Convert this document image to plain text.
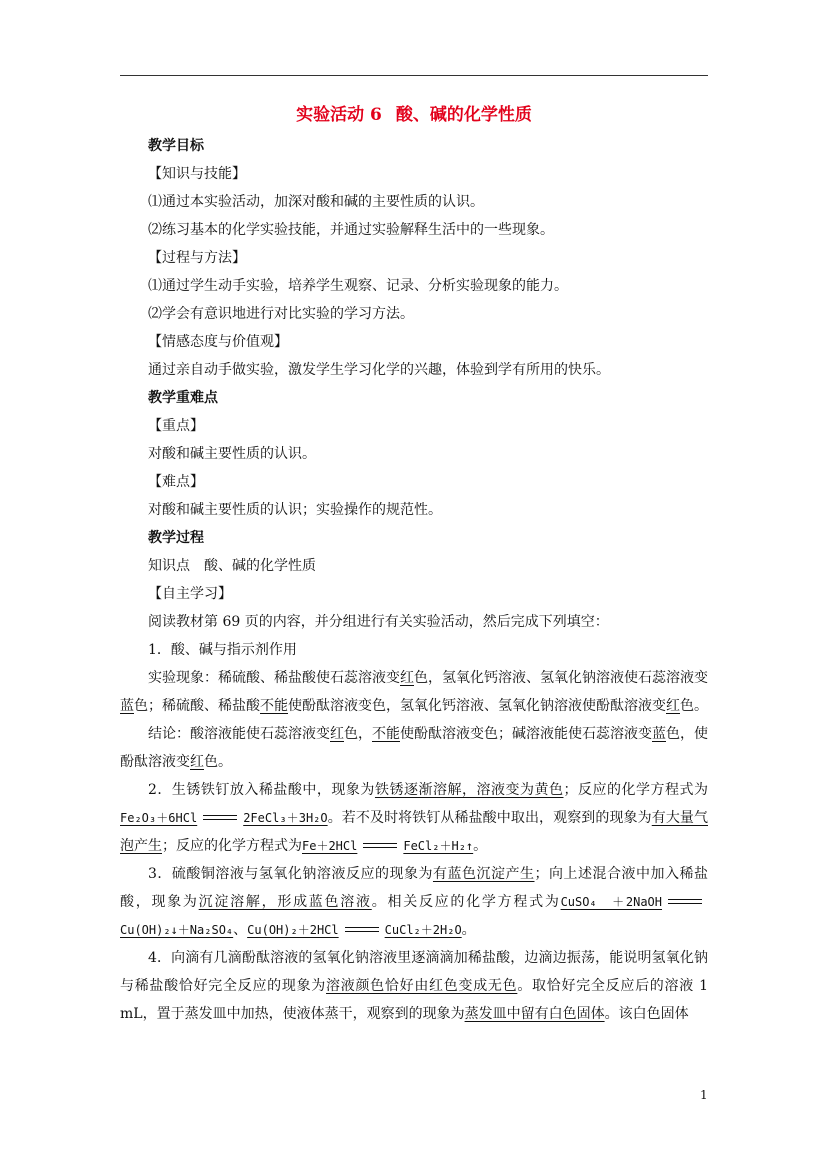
实验活动 6 酸、碱的化学性质

教学目标

【知识与技能】

⑴通过本实验活动，加深对酸和碱的主要性质的认识。

⑵练习基本的化学实验技能，并通过实验解释生活中的一些现象。

【过程与方法】

⑴通过学生动手实验，培养学生观察、记录、分析实验现象的能力。

⑵学会有意识地进行对比实验的学习方法。

【情感态度与价值观】

通过亲自动手做实验，激发学生学习化学的兴趣，体验到学有所用的快乐。

教学重难点

【重点】

对酸和碱主要性质的认识。

【难点】

对酸和碱主要性质的认识；实验操作的规范性。

教学过程

知识点　酸、碱的化学性质

【自主学习】

阅读教材第 69 页的内容，并分组进行有关实验活动，然后完成下列填空：

1．酸、碱与指示剂作用

实验现象：稀硫酸、稀盐酸使石蕊溶液变红色，氢氧化钙溶液、氢氧化钠溶液使石蕊溶液变蓝色；稀硫酸、稀盐酸不能使酚酞溶液变色，氢氧化钙溶液、氢氧化钠溶液使酚酞溶液变红色。

结论：酸溶液能使石蕊溶液变红色，不能使酚酞溶液变色；碱溶液能使石蕊溶液变蓝色，使酚酞溶液变红色。

2．生锈铁钉放入稀盐酸中，现象为铁锈逐渐溶解，溶液变为黄色；反应的化学方程式为Fe₂O₃＋6HCl	2FeCl₃＋3H₂O。若不及时将铁钉从稀盐酸中取出，观察到的现象为有大量气泡产生；反应的化学方程式为Fe＋2HCl	FeCl₂＋H₂↑。

3．硫酸铜溶液与氢氧化钠溶液反应的现象为有蓝色沉淀产生；向上述混合液中加入稀盐酸，现象为沉淀溶解，形成蓝色溶液。相关反应的化学方程式为CuSO₄　＋2NaOHCu(OH)₂↓＋Na₂SO₄、Cu(OH)₂＋2HCl	CuCl₂＋2H₂O。

4．向滴有几滴酚酞溶液的氢氧化钠溶液里逐滴滴加稀盐酸，边滴边振荡，能说明氢氧化钠与稀盐酸恰好完全反应的现象为溶液颜色恰好由红色变成无色。取恰好完全反应后的溶液 1 mL，置于蒸发皿中加热，使液体蒸干，观察到的现象为蒸发皿中留有白色固体。该白色固体

1
